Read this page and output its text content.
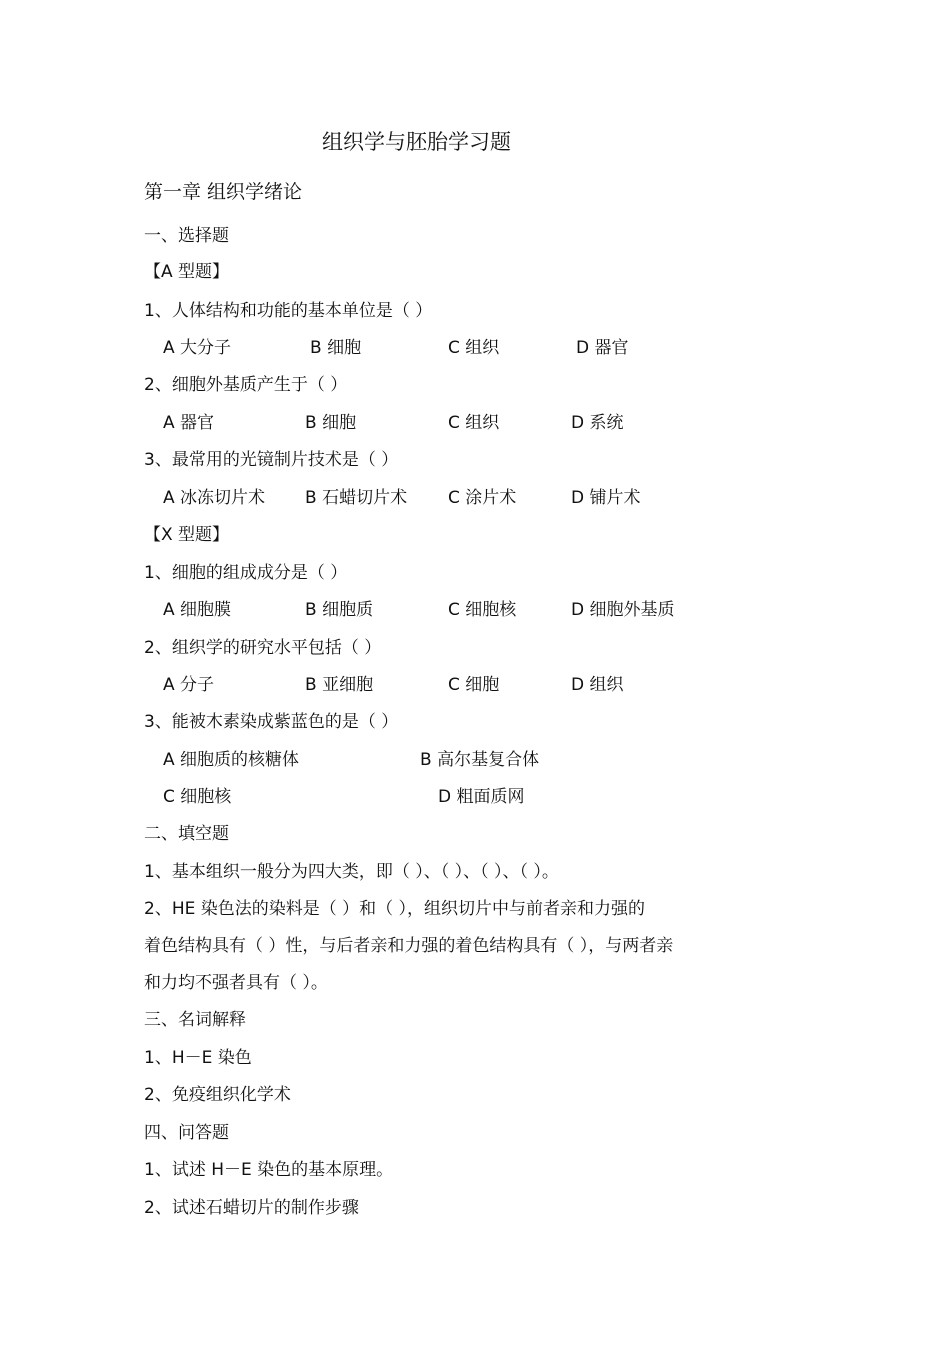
组织学与胚胎学习题
第一章 组织学绪论
一、选择题
【A 型题】
1、人体结构和功能的基本单位是（ ）
A 大分子	B 细胞	C 组织	D 器官
2、细胞外基质产生于（ ）
A 器官	B 细胞	C 组织	D 系统
3、最常用的光镜制片技术是（ ）
A 冰冻切片术 B 石蜡切片术 C 涂片术	D 铺片术
【X 型题】
1、细胞的组成成分是（ ）
A 细胞膜	B 细胞质	C 细胞核	D 细胞外基质
2、组织学的研究水平包括（ ）
A 分子	B 亚细胞	C 细胞	D 组织
3、能被木素染成紫蓝色的是（ ）
A 细胞质的核糖体	B 高尔基复合体
C 细胞核	D 粗面质网
二、填空题
1、基本组织一般分为四大类，即（ ）、（ ）、（ ）、（ ）。
2、HE 染色法的染料是（ ）和（ ），组织切片中与前者亲和力强的
着色结构具有（ ）性，与后者亲和力强的着色结构具有（ ），与两者亲
和力均不强者具有（ ）。
三、名词解释
1、H－E 染色
2、免疫组织化学术
四、问答题
1、试述 H－E 染色的基本原理。
2、试述石蜡切片的制作步骤
